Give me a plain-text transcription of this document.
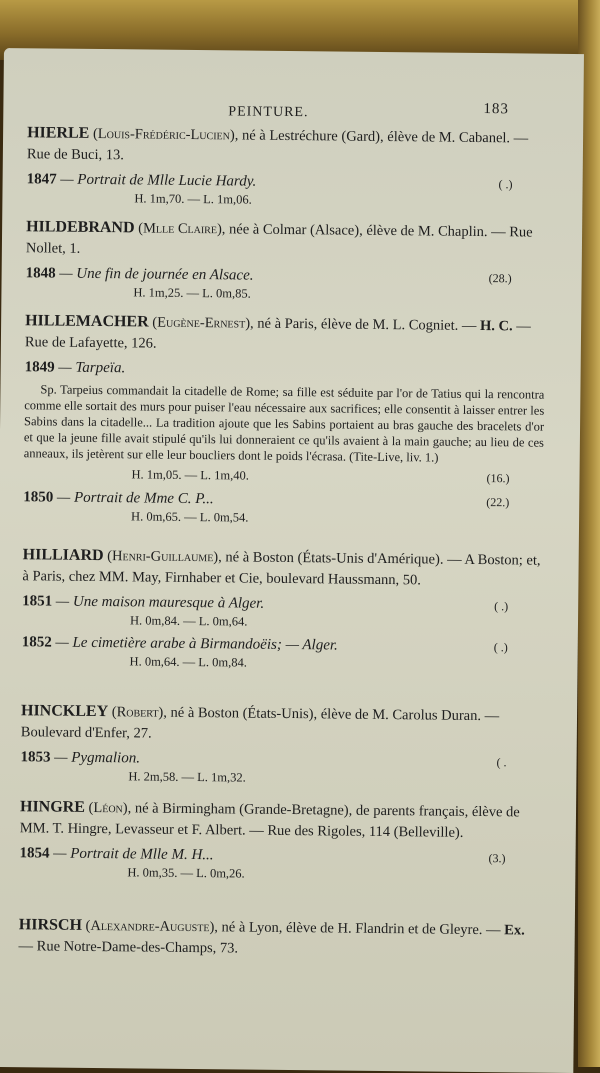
PEINTURE.	183

HIERLE (Louis-Frédéric-Lucien), né à Lestréchure (Gard), élève de M. Cabanel. — Rue de Buci, 13.

1847 — Portrait de Mlle Lucie Hardy.	( .)
H. 1m,70. — L. 1m,06.

HILDEBRAND (Mlle Claire), née à Colmar (Alsace), élève de M. Chaplin. — Rue Nollet, 1.

1848 — Une fin de journée en Alsace.	(28.)
H. 1m,25. — L. 0m,85.

HILLEMACHER (Eugène-Ernest), né à Paris, élève de M. L. Cogniet. — H. C. — Rue de Lafayette, 126.

1849 — Tarpeïa.

Sp. Tarpeius commandait la citadelle de Rome; sa fille est séduite par l'or de Tatius qui la rencontra comme elle sortait des murs pour puiser l'eau nécessaire aux sacrifices; elle consentit à laisser entrer les Sabins dans la citadelle... La tradition ajoute que les Sabins portaient au bras gauche des bracelets d'or et que la jeune fille avait stipulé qu'ils lui donneraient ce qu'ils avaient à la main gauche; au lieu de ces anneaux, ils jetèrent sur elle leur boucliers dont le poids l'écrasa. (Tite-Live, liv. 1.)

H. 1m,05. — L. 1m,40.	(16.)
1850 — Portrait de Mme C. P...	(22.)
H. 0m,65. — L. 0m,54.

HILLIARD (Henri-Guillaume), né à Boston (États-Unis d'Amérique). — A Boston; et, à Paris, chez MM. May, Firnhaber et Cie, boulevard Haussmann, 50.

1851 — Une maison mauresque à Alger.	( .)
H. 0m,84. — L. 0m,64.
1852 — Le cimetière arabe à Birmandoëis; — Alger.	( .)
H. 0m,64. — L. 0m,84.

HINCKLEY (Robert), né à Boston (États-Unis), élève de M. Carolus Duran. — Boulevard d'Enfer, 27.

1853 — Pygmalion.	( .
H. 2m,58. — L. 1m,32.

HINGRE (Léon), né à Birmingham (Grande-Bretagne), de parents français, élève de MM. T. Hingre, Levasseur et F. Albert. — Rue des Rigoles, 114 (Belleville).

1854 — Portrait de Mlle M. H...	(3.)
H. 0m,35. — L. 0m,26.

HIRSCH (Alexandre-Auguste), né à Lyon, élève de H. Flandrin et de Gleyre. — Ex. — Rue Notre-Dame-des-Champs, 73.
